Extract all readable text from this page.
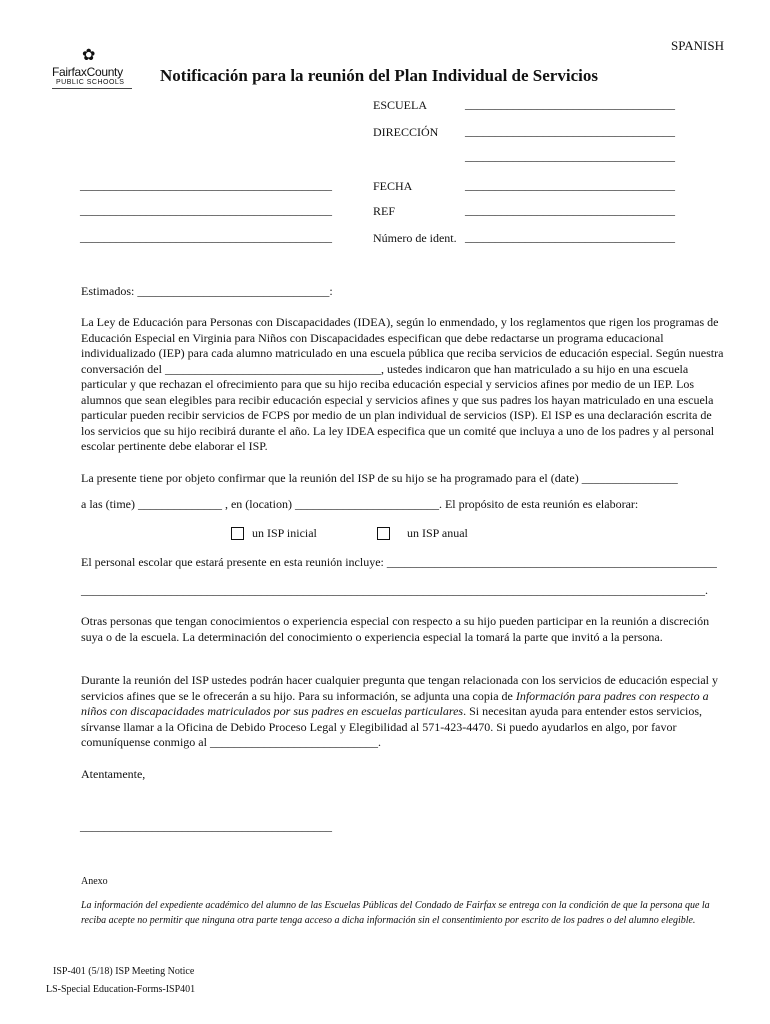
SPANISH
✿
FairfaxCounty
PUBLIC SCHOOLS Notificación para la reunión del Plan Individual de Servicios
ESCUELA	___________________________________
DIRECCIÓN ___________________________________
___________________________________
__________________________________________	FECHA	___________________________________
__________________________________________	REF	___________________________________
__________________________________________	Número de ident. ___________________________________
Estimados: ________________________________:

La Ley de Educación para Personas con Discapacidades (IDEA), según lo enmendado, y los reglamentos que rigen los programas de Educación Especial en Virginia para Niños con Discapacidades especifican que debe redactarse un programa educacional individualizado (IEP) para cada alumno matriculado en una escuela pública que reciba servicios de educación especial. Según nuestra conversación del ____________________________________, ustedes indicaron que han matriculado a su hijo en una escuela particular y que rechazan el ofrecimiento para que su hijo reciba educación especial y servicios afines por medio de un IEP. Los alumnos que sean elegibles para recibir educación especial y servicios afines y que sus padres los hayan matriculado en una escuela particular pueden recibir servicios de FCPS por medio de un plan individual de servicios (ISP). El ISP es una declaración escrita de los servicios que su hijo recibirá durante el año. La ley IDEA especifica que un comité que incluya a uno de los padres y al personal escolar pertinente debe elaborar el ISP.

La presente tiene por objeto confirmar que la reunión del ISP de su hijo se ha programado para el (date) ________________
a las (time) ______________ , en (location) ________________________. El propósito de esta reunión es elaborar:
un ISP inicial	un ISP anual
El personal escolar que estará presente en esta reunión incluye: _______________________________________________________
________________________________________________________________________________________________________.

Otras personas que tengan conocimientos o experiencia especial con respecto a su hijo pueden participar en la reunión a discreción suya o de la escuela. La determinación del conocimiento o experiencia especial la tomará la parte que invitó a la persona.

Durante la reunión del ISP ustedes podrán hacer cualquier pregunta que tengan relacionada con los servicios de educación especial y servicios afines que se le ofrecerán a su hijo. Para su información, se adjunta una copia de Información para padres con respecto a niños con discapacidades matriculados por sus padres en escuelas particulares. Si necesitan ayuda para entender estos servicios, sírvanse llamar a la Oficina de Debido Proceso Legal y Elegibilidad al 571-423-4470. Si puedo ayudarlos en algo, por favor comuníquense conmigo al ____________________________.

Atentamente,
__________________________________________
Anexo
La información del expediente académico del alumno de las Escuelas Públicas del Condado de Fairfax se entrega con la condición de que la persona que la reciba acepte no permitir que ninguna otra parte tenga acceso a dicha información sin el consentimiento por escrito de los padres o del alumno elegible.
ISP-401 (5/18) ISP Meeting Notice
LS-Special Education-Forms-ISP401
